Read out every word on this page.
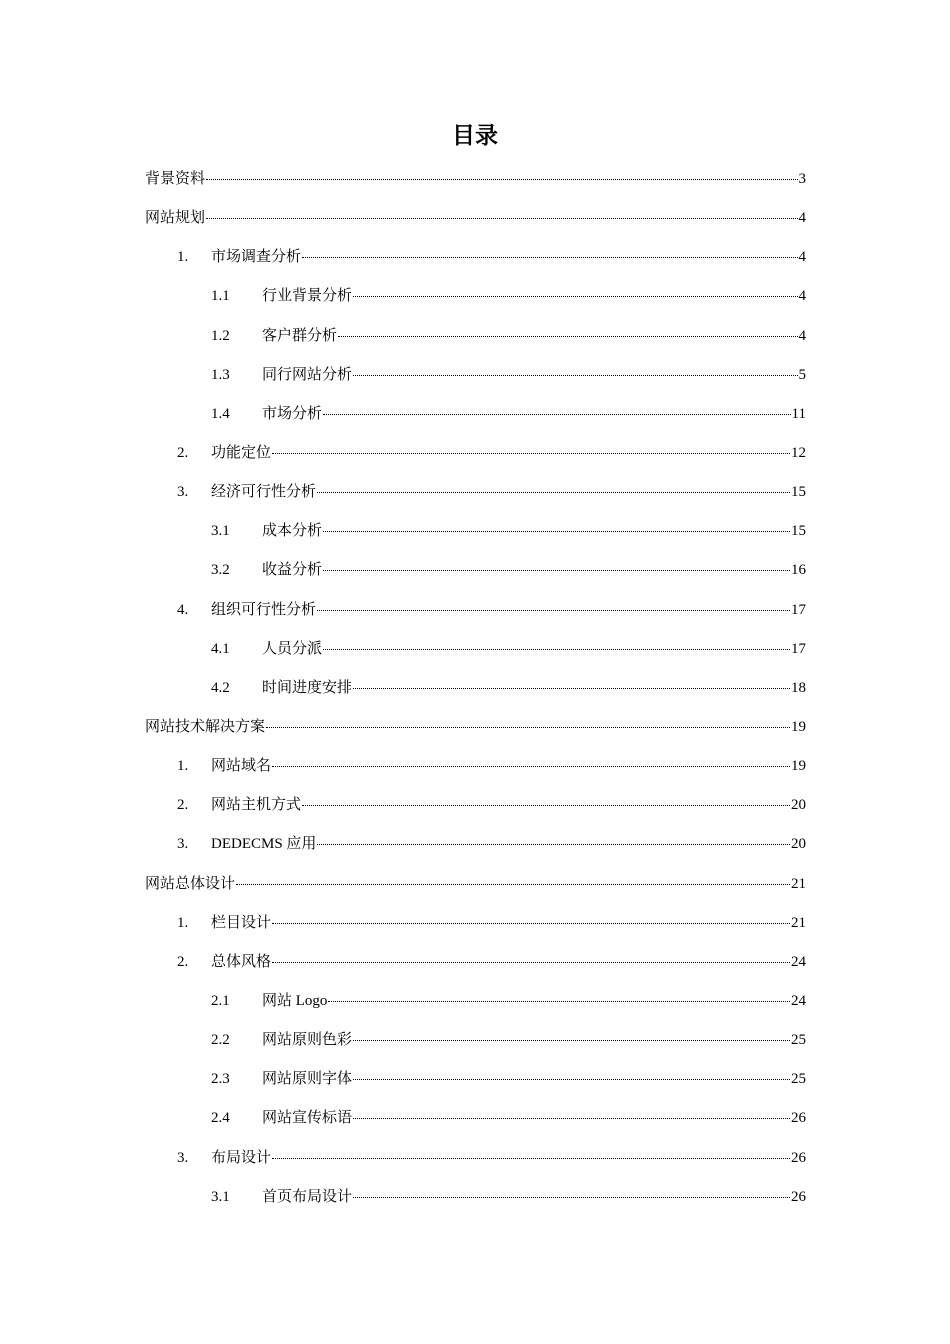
目录
背景资料	3
网站规划	4
1.	市场调查分析	4
1.1	行业背景分析	4
1.2	客户群分析	4
1.3	同行网站分析	5
1.4	市场分析	11
2.	功能定位	12
3.	经济可行性分析	15
3.1	成本分析	15
3.2	收益分析	16
4.	组织可行性分析	17
4.1	人员分派	17
4.2	时间进度安排	18
网站技术解决方案	19
1.	网站域名	19
2.	网站主机方式	20
3.	DEDECMS 应用	20
网站总体设计	21
1.	栏目设计	21
2.	总体风格	24
2.1	网站 Logo	24
2.2	网站原则色彩	25
2.3	网站原则字体	25
2.4	网站宣传标语	26
3.	布局设计	26
3.1	首页布局设计	26
